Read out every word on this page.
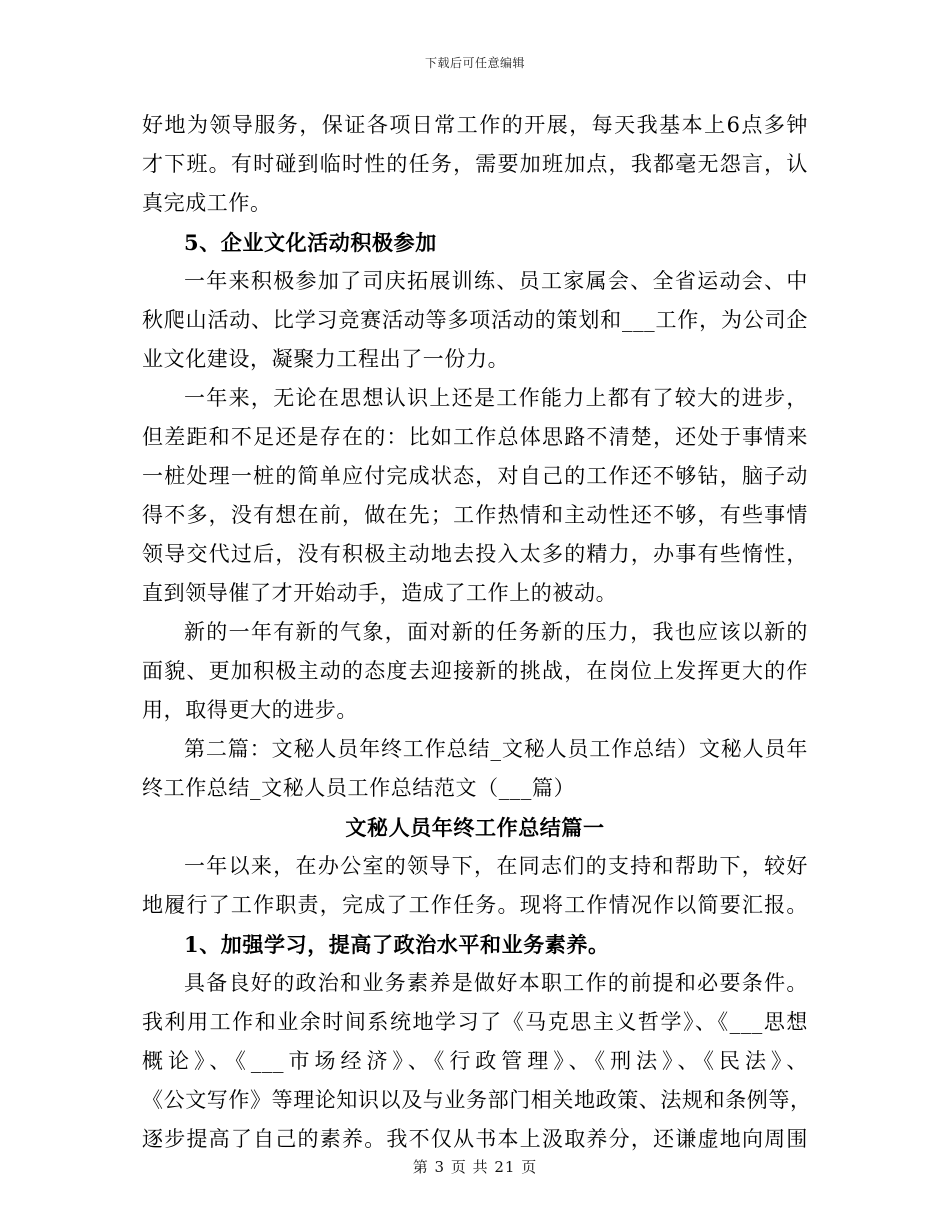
下载后可任意编辑
好地为领导服务，保证各项日常工作的开展，每天我基本上6点多钟
才下班。有时碰到临时性的任务，需要加班加点，我都毫无怨言，认
真完成工作。
5、企业文化活动积极参加
一年来积极参加了司庆拓展训练、员工家属会、全省运动会、中
秋爬山活动、比学习竞赛活动等多项活动的策划和___工作，为公司企
业文化建设，凝聚力工程出了一份力。
一年来，无论在思想认识上还是工作能力上都有了较大的进步，
但差距和不足还是存在的：比如工作总体思路不清楚，还处于事情来
一桩处理一桩的简单应付完成状态，对自己的工作还不够钻，脑子动
得不多，没有想在前，做在先；工作热情和主动性还不够，有些事情
领导交代过后，没有积极主动地去投入太多的精力，办事有些惰性，
直到领导催了才开始动手，造成了工作上的被动。
新的一年有新的气象，面对新的任务新的压力，我也应该以新的
面貌、更加积极主动的态度去迎接新的挑战，在岗位上发挥更大的作
用，取得更大的进步。
第二篇：文秘人员年终工作总结_文秘人员工作总结）文秘人员年
终工作总结_文秘人员工作总结范文（___篇）
文秘人员年终工作总结篇一
一年以来，在办公室的领导下，在同志们的支持和帮助下，较好
地履行了工作职责，完成了工作任务。现将工作情况作以简要汇报。
1、加强学习，提高了政治水平和业务素养。
具备良好的政治和业务素养是做好本职工作的前提和必要条件。
我利用工作和业余时间系统地学习了《马克思主义哲学》、《___思想
概论》、《___市场经济》、《行政管理》、《刑法》、《民法》、
《公文写作》等理论知识以及与业务部门相关地政策、法规和条例等，
逐步提高了自己的素养。我不仅从书本上汲取养分，还谦虚地向周围
第 3 页 共 21 页
